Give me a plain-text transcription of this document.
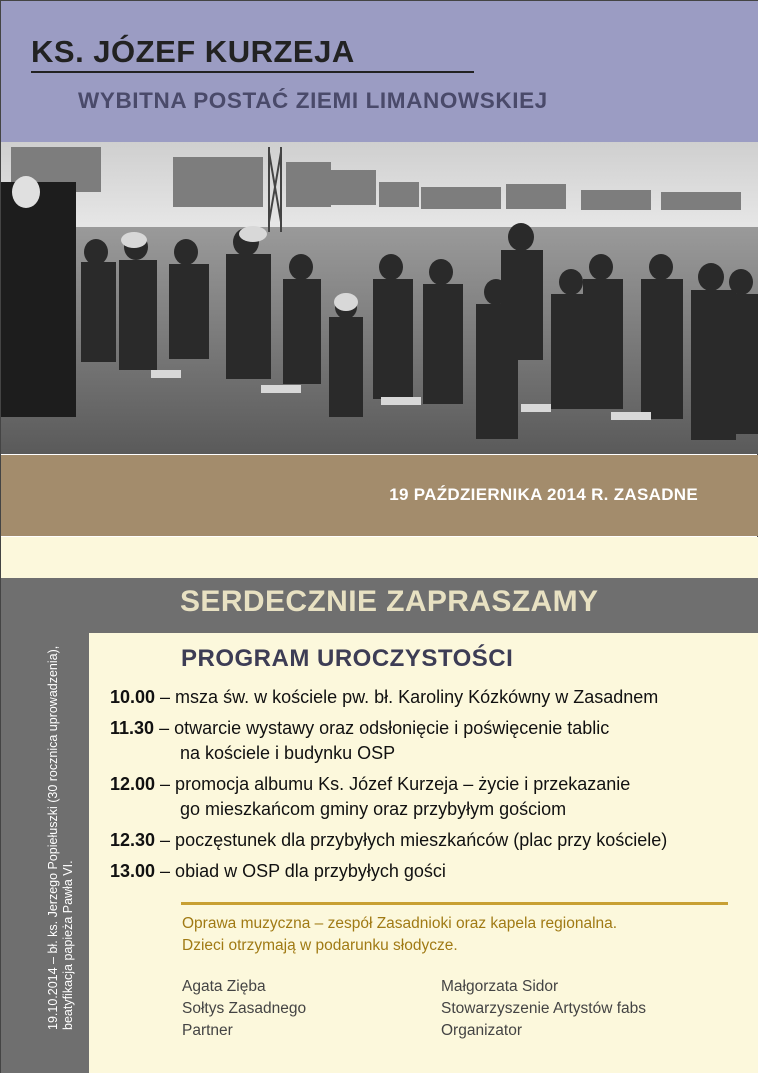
KS. JÓZEF KURZEJA
WYBITNA POSTAĆ ZIEMI LIMANOWSKIEJ
19 PAŹDZIERNIKA 2014 R. ZASADNE
19.10.2014 – bł. ks. Jerzego Popiełuszki (30 rocznica uprowadzenia), beatyfikacja papieża Pawła VI.
SERDECZNIE ZAPRASZAMY
PROGRAM UROCZYSTOŚCI
10.00 – msza św. w kościele pw. bł. Karoliny Kózkówny w Zasadnem
11.30 – otwarcie wystawy oraz odsłonięcie i poświęcenie tablic
na kościele i budynku OSP
12.00 – promocja albumu Ks. Józef Kurzeja – życie i przekazanie
go mieszkańcom gminy oraz przybyłym gościom
12.30 – poczęstunek dla przybyłych mieszkańców (plac przy kościele)
13.00 – obiad w OSP dla przybyłych gości
Oprawa muzyczna – zespół Zasadnioki oraz kapela regionalna.
Dzieci otrzymają w podarunku słodycze.
Agata Zięba
Sołtys Zasadnego
Partner
Małgorzata Sidor
Stowarzyszenie Artystów fabs
Organizator
